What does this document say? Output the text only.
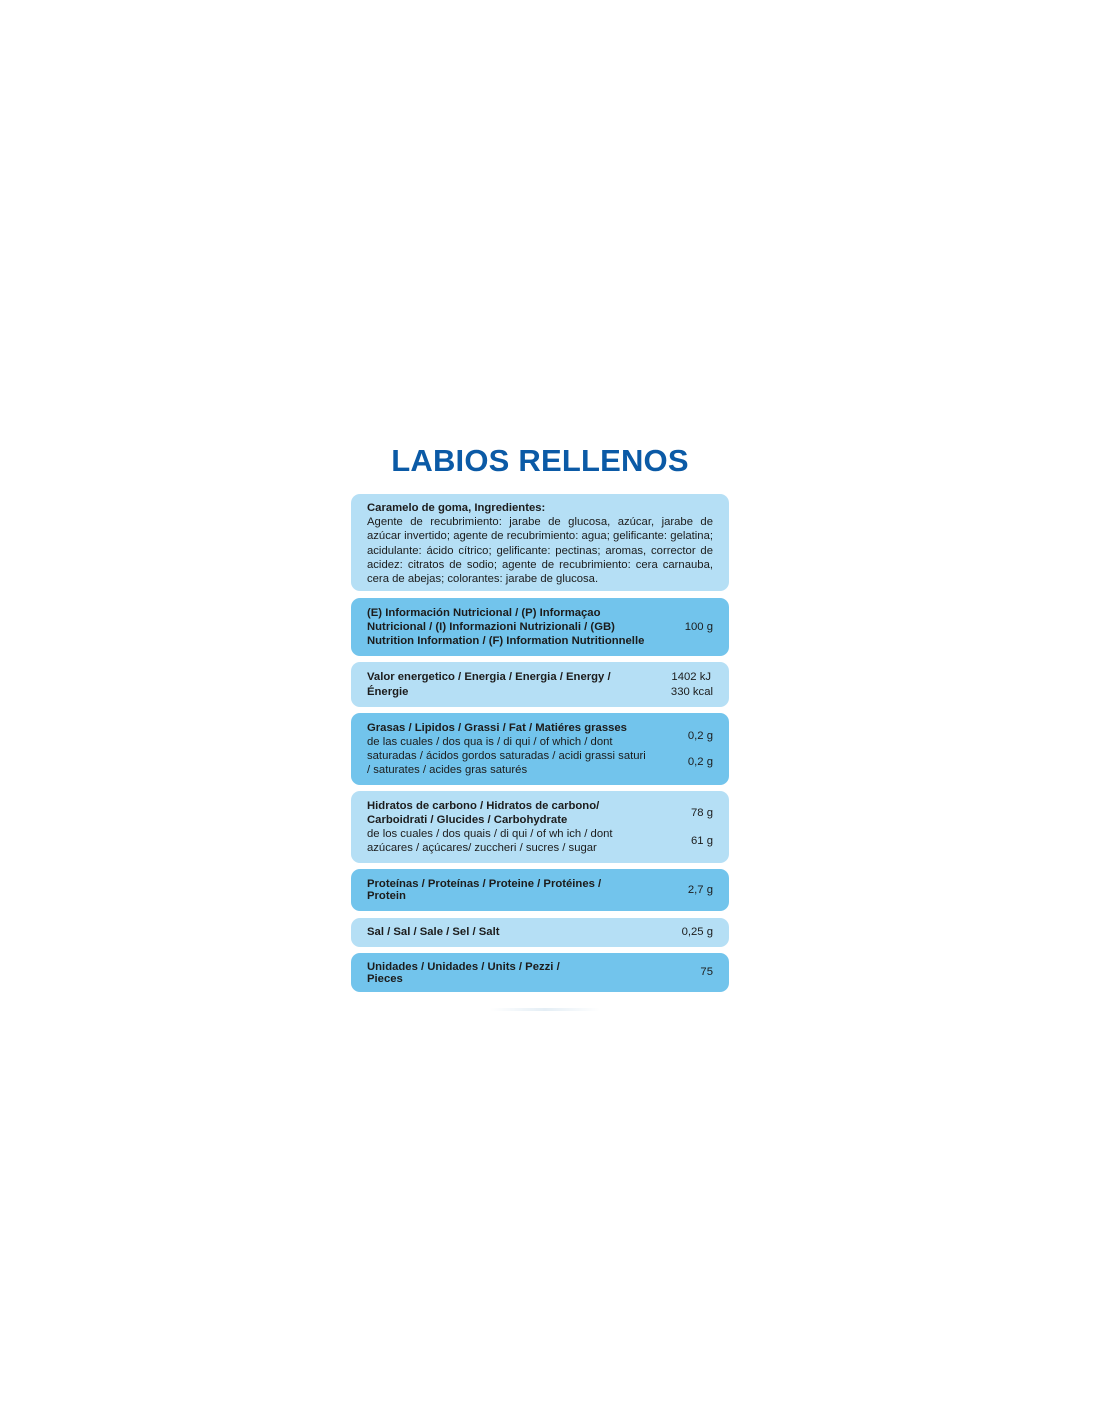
LABIOS RELLENOS
Caramelo de goma, Ingredientes:
Agente de recubrimiento: jarabe de glucosa, azúcar, jarabe de azúcar invertido; agente de recubrimiento: agua; gelificante: gelatina; acidulante: ácido cítrico; gelificante: pectinas; aromas, corrector de acidez: citratos de sodio; agente de recubrimiento: cera carnauba, cera de abejas; colorantes: jarabe de glucosa.
(E) Información Nutricional / (P) Informaçao
Nutricional / (I) Informazioni Nutrizionali / (GB)
Nutrition Information / (F) Information Nutritionnelle
100 g
Valor energetico / Energia / Energia / Energy /
Énergie
1402 kJ
330 kcal
Grasas / Lipidos / Grassi / Fat / Matiéres grasses
de las cuales / dos qua is / di qui / of which / dont
saturadas / ácidos gordos saturadas / acidi grassi saturi
/ saturates / acides gras saturés
0,2 g
0,2 g
Hidratos de carbono / Hidratos de carbono/
Carboidrati / Glucides / Carbohydrate
de los cuales / dos quais / di qui / of wh ich / dont
azúcares / açúcares/ zuccheri / sucres / sugar
78 g
61 g
Proteínas / Proteínas / Proteine / Protéines /
Protein
2,7 g
Sal / Sal / Sale / Sel / Salt	0,25 g
Unidades / Unidades / Units / Pezzi /
Pieces
75
